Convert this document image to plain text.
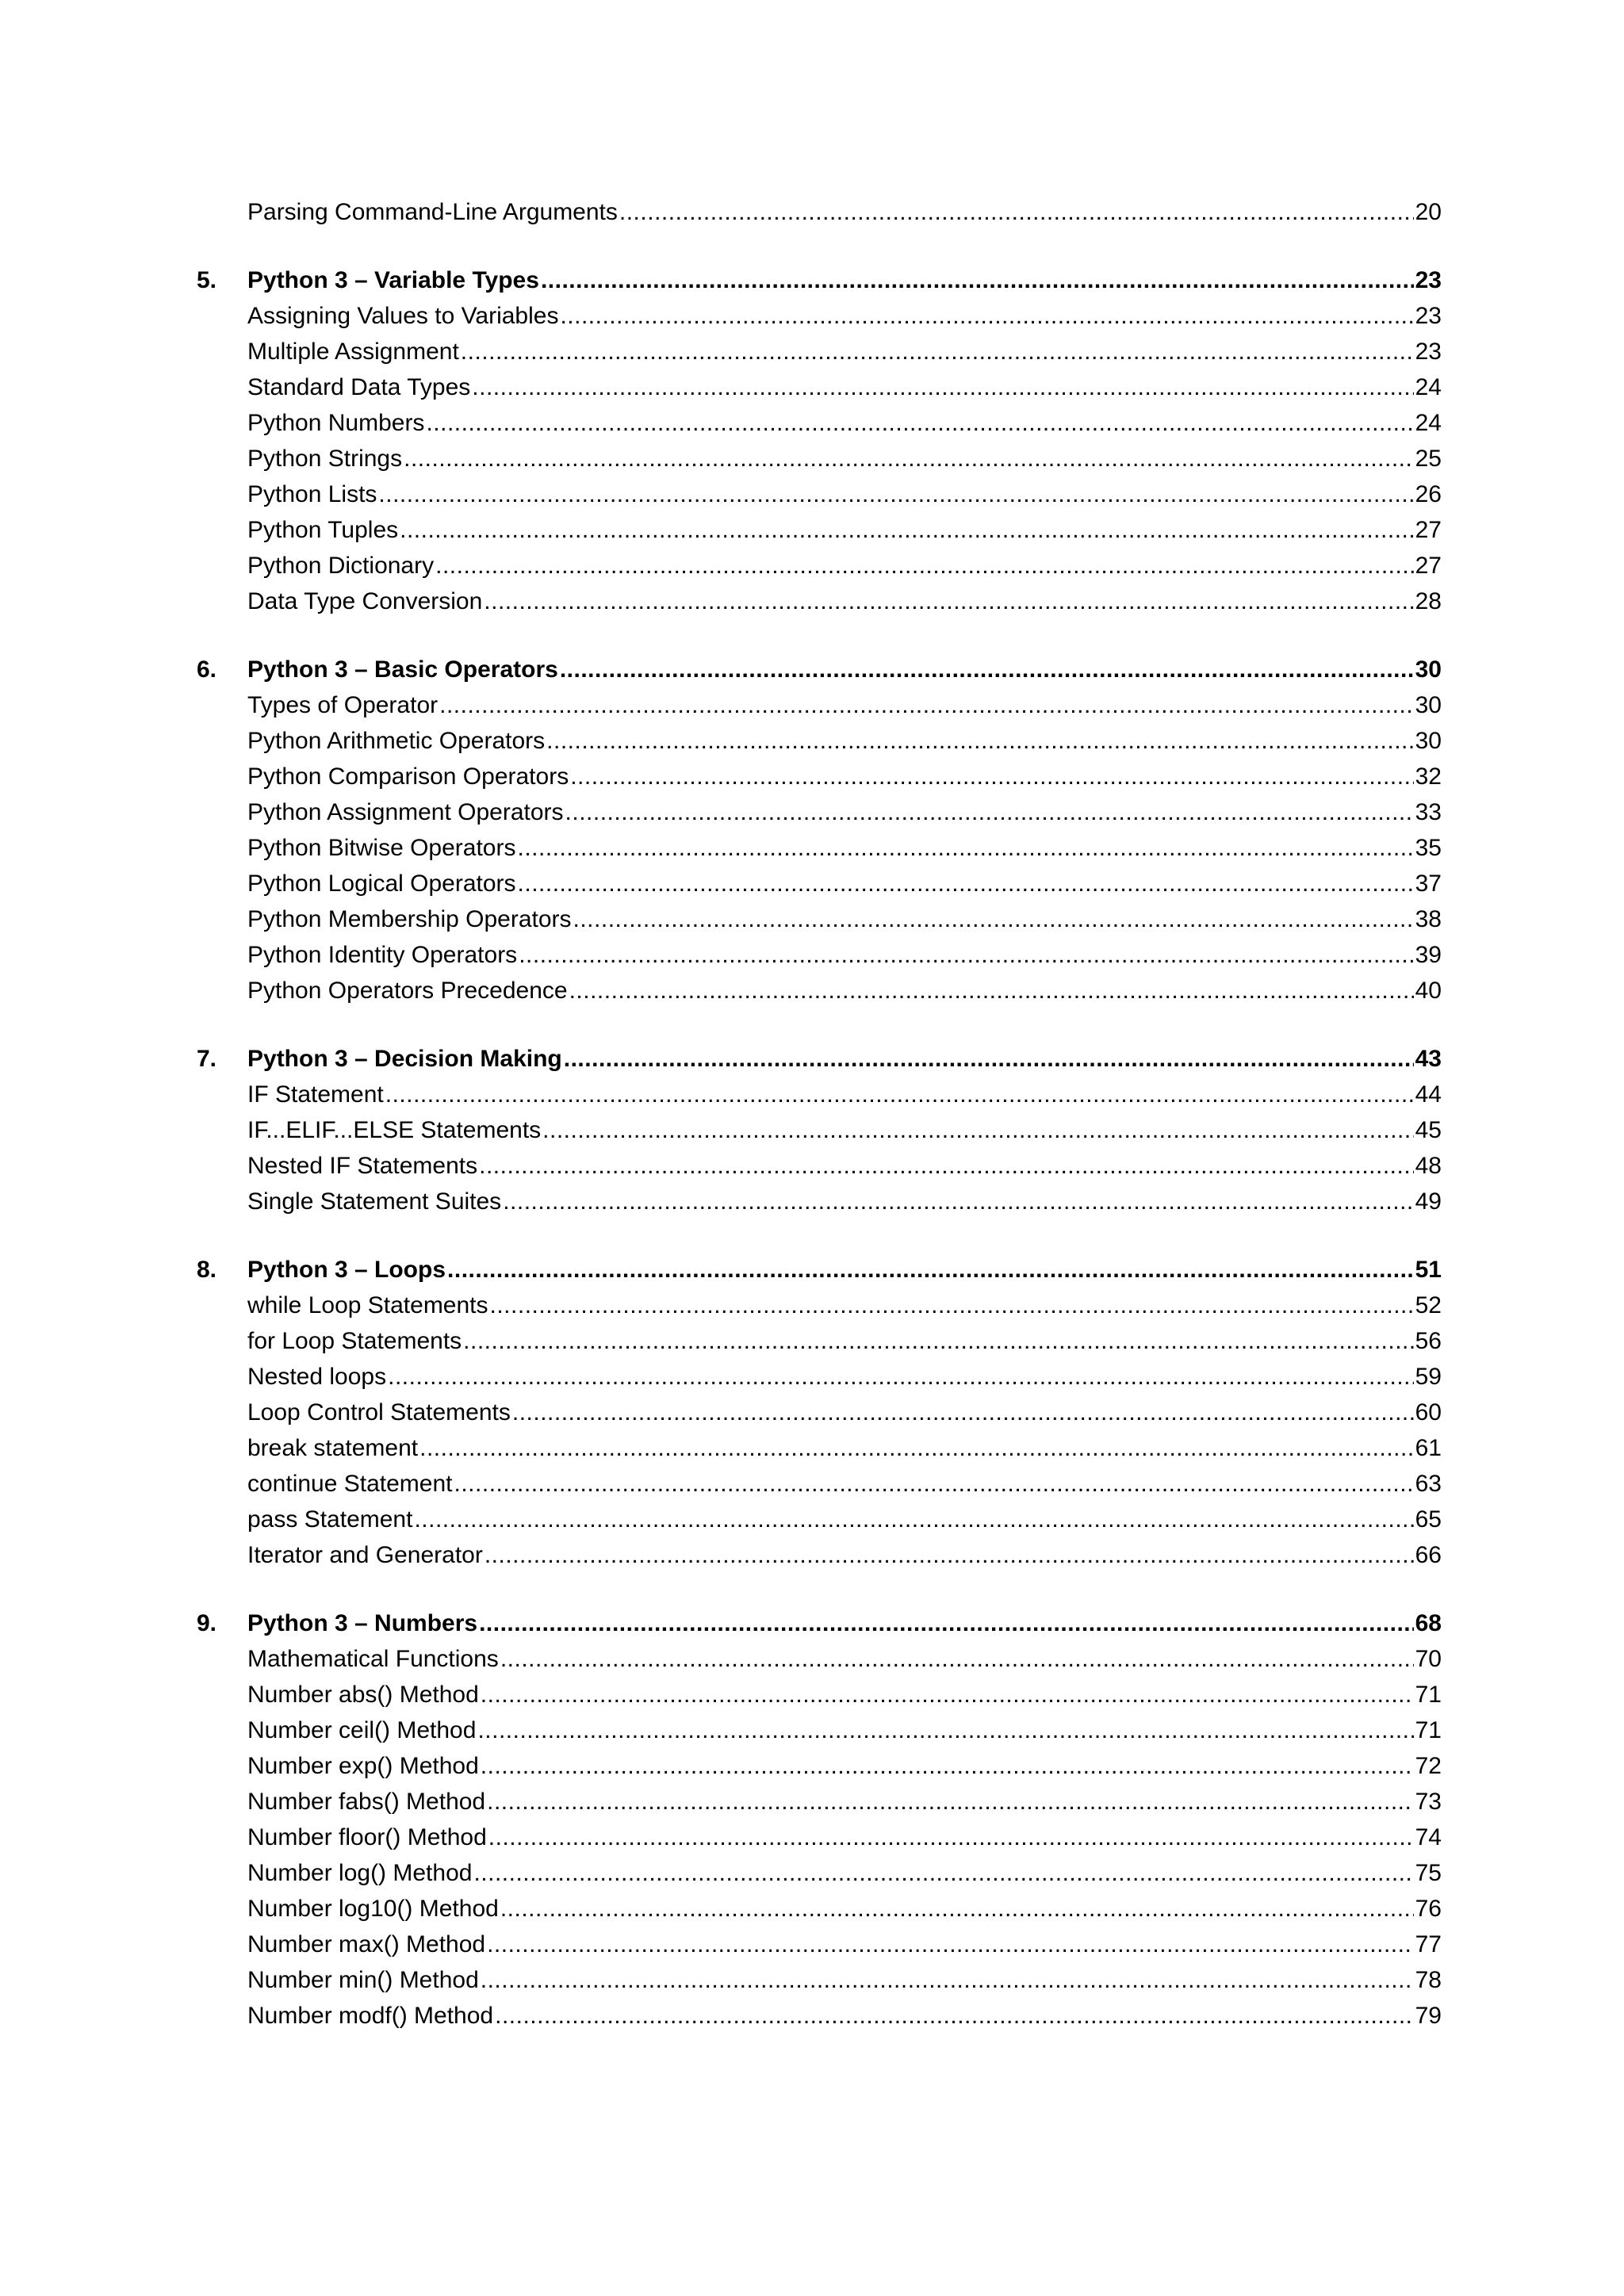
Parsing Command-Line Arguments .....	20
5.	Python 3 – Variable Types .....	23
Assigning Values to Variables .....	23
Multiple Assignment .....	23
Standard Data Types .....	24
Python Numbers .....	24
Python Strings .....	25
Python Lists .....	26
Python Tuples .....	27
Python Dictionary .....	27
Data Type Conversion .....	28
6.	Python 3 – Basic Operators .....	30
Types of Operator .....	30
Python Arithmetic Operators .....	30
Python Comparison Operators .....	32
Python Assignment Operators .....	33
Python Bitwise Operators .....	35
Python Logical Operators .....	37
Python Membership Operators .....	38
Python Identity Operators .....	39
Python Operators Precedence .....	40
7.	Python 3 – Decision Making .....	43
IF Statement .....	44
IF...ELIF...ELSE Statements .....	45
Nested IF Statements .....	48
Single Statement Suites .....	49
8.	Python 3 – Loops .....	51
while Loop Statements .....	52
for Loop Statements .....	56
Nested loops .....	59
Loop Control Statements .....	60
break statement .....	61
continue Statement .....	63
pass Statement .....	65
Iterator and Generator .....	66
9.	Python 3 – Numbers .....	68
Mathematical Functions .....	70
Number abs() Method .....	71
Number ceil() Method .....	71
Number exp() Method .....	72
Number fabs() Method .....	73
Number floor() Method .....	74
Number log() Method .....	75
Number log10() Method .....	76
Number max() Method .....	77
Number min() Method .....	78
Number modf() Method .....	79
